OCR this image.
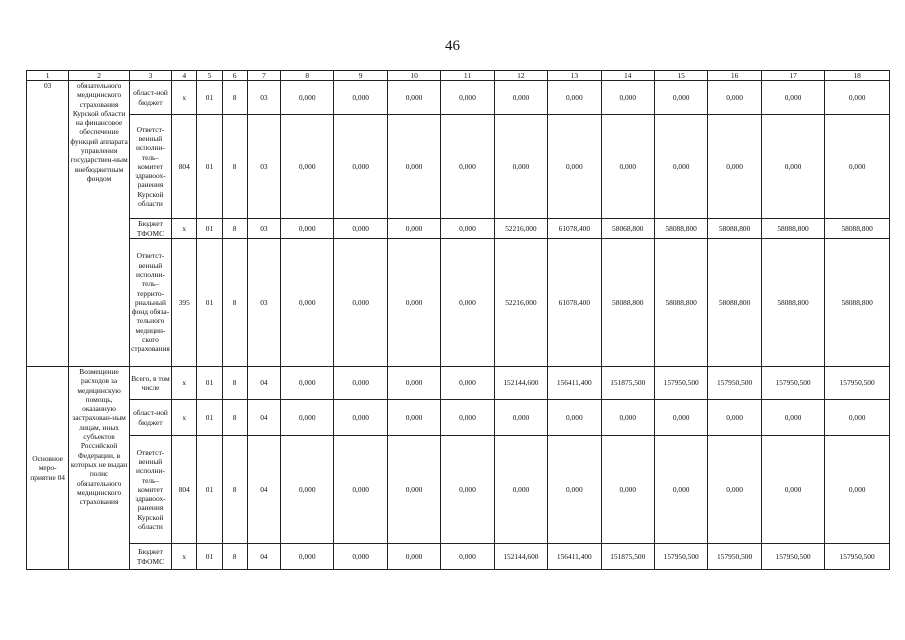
46
1	2	3	4	5	6	7	8	9	10	11	12	13	14	15	16	17	18
03	обязательного медицинского страхования Курской области на финансовое обеспечение функций аппарата управления государствен-ным внебюджетным фондом	област-ной бюджет	x	01	8	03	0,000	0,000	0,000	0,000	0,000	0,000	0,000	0,000	0,000	0,000	0,000
		Ответст-венный исполни-тель–комитет здравоох-ранения Курской области	804	01	8	03	0,000	0,000	0,000	0,000	0,000	0,000	0,000	0,000	0,000	0,000	0,000
		Бюджет ТФОМС	x	01	8	03	0,000	0,000	0,000	0,000	52216,000	61078,400	58068,800	58088,800	58088,800	58088,800	58088,800
		Ответст-венный исполни-тель–террито-риальный фонд обяза-тельного медицин-ского страхования	395	01	8	03	0,000	0,000	0,000	0,000	52216,000	61078,400	58088,800	58088,800	58088,800	58088,800	58088,800
Основное меро-приятие 04	Возмещение расходов за медицинскую помощь, оказанную застрахован-ным лицам, иных субъектов Российской Федерации, в которых не выдан полис обязательного медицинского страхования	Всего, в том числе	x	01	8	04	0,000	0,000	0,000	0,000	152144,600	156411,400	151875,500	157950,500	157950,500	157950,500	157950,500
		област-ной бюджет	x	01	8	04	0,000	0,000	0,000	0,000	0,000	0,000	0,000	0,000	0,000	0,000	0,000
		Ответст-венный исполни-тель–комитет здравоох-ранения Курской области	804	01	8	04	0,000	0,000	0,000	0,000	0,000	0,000	0,000	0,000	0,000	0,000	0,000
		Бюджет ТФОМС	x	01	8	04	0,000	0,000	0,000	0,000	152144,600	156411,400	151875,500	157950,500	157950,500	157950,500	157950,500
